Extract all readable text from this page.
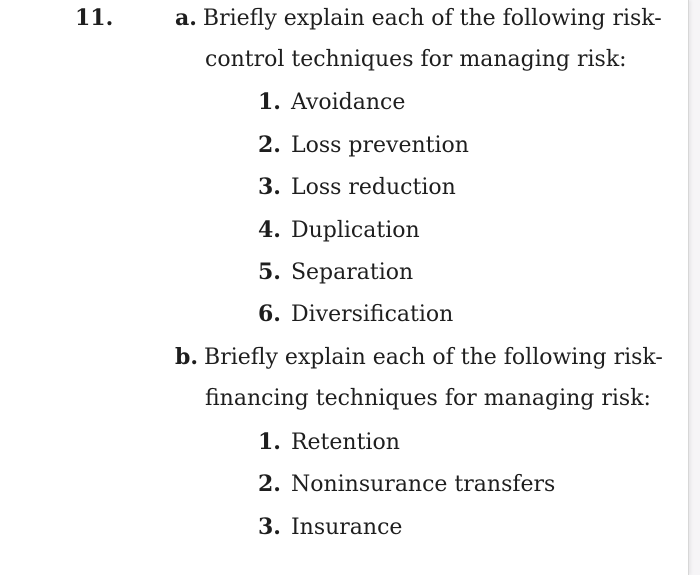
11.	a. Briefly explain each of the following risk-
control techniques for managing risk:
1. Avoidance
2. Loss prevention
3. Loss reduction
4. Duplication
5. Separation
6. Diversification
b. Briefly explain each of the following risk-
financing techniques for managing risk:
1. Retention
2. Noninsurance transfers
3. Insurance
